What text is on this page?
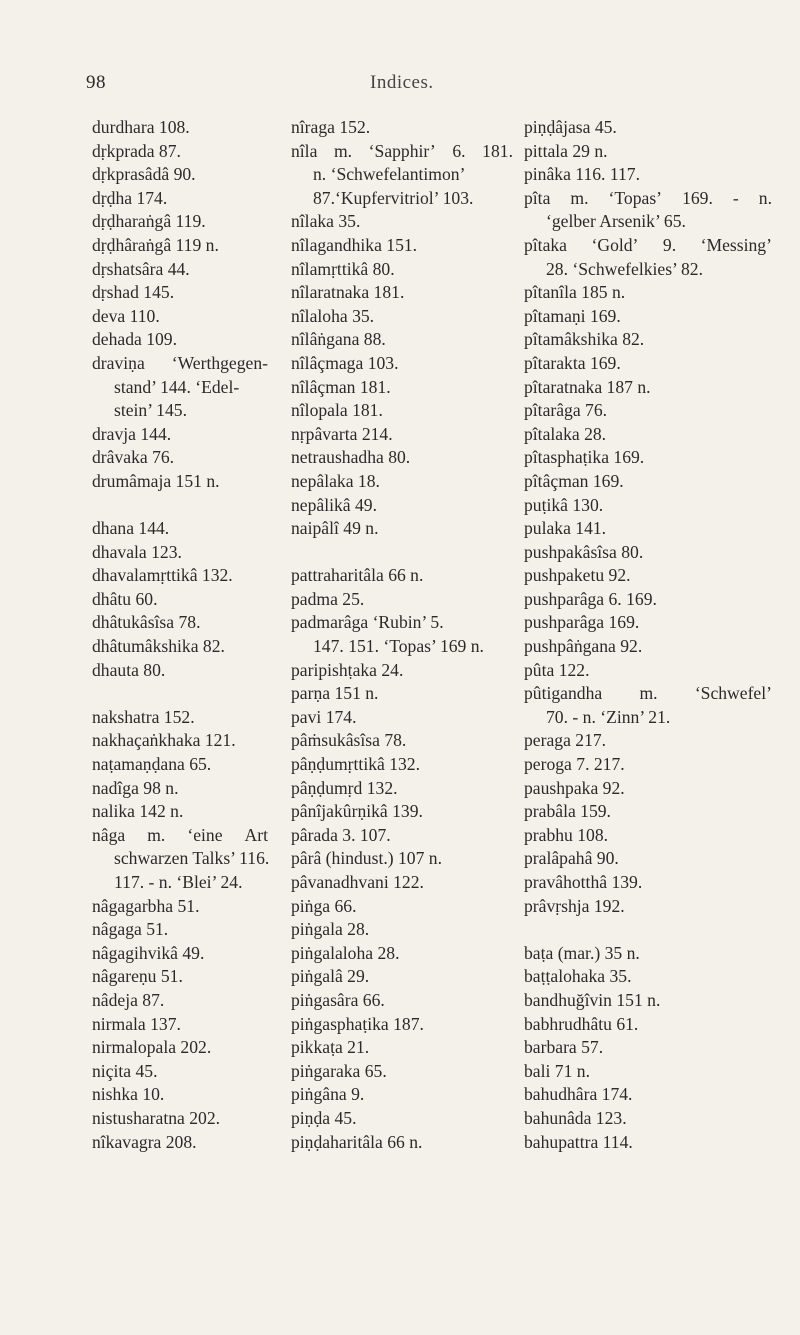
98	Indices.
durdhara 108.
dṛkprada 87.
dṛkprasâdâ 90.
dṛḍha 174.
dṛḍharaṅgâ 119.
dṛḍhâraṅgâ 119 n.
dṛshatsâra 44.
dṛshad 145.
deva 110.
dehada 109.
draviṇa ‘Werthgegen-
stand’ 144. ‘Edel-
stein’ 145.
dravja 144.
drâvaka 76.
drumâmaja 151 n.
dhana 144.
dhavala 123.
dhavalamṛttikâ 132.
dhâtu 60.
dhâtukâsîsa 78.
dhâtumâkshika 82.
dhauta 80.
nakshatra 152.
nakhaçaṅkhaka 121.
naṭamaṇḍana 65.
nadîga 98 n.
nalika 142 n.
nâga m. ‘eine Art
schwarzen Talks’ 116.
117. - n. ‘Blei’ 24.
nâgagarbha 51.
nâgaga 51.
nâgagihvikâ 49.
nâgareṇu 51.
nâdeja 87.
nirmala 137.
nirmalopala 202.
niçita 45.
nishka 10.
nistusharatna 202.
nîkavagra 208.
nîraga 152.
nîla m. ‘Sapphir’ 6. 181.
n. ‘Schwefelantimon’
87.‘Kupfervitriol’ 103.
nîlaka 35.
nîlagandhika 151.
nîlamṛttikâ 80.
nîlaratnaka 181.
nîlaloha 35.
nîlâṅgana 88.
nîlâçmaga 103.
nîlâçman 181.
nîlopala 181.
nṛpâvarta 214.
netraushadha 80.
nepâlaka 18.
nepâlikâ 49.
naipâlî 49 n.
pattraharitâla 66 n.
padma 25.
padmarâga ‘Rubin’ 5.
147. 151. ‘Topas’ 169 n.
paripishṭaka 24.
parṇa 151 n.
pavi 174.
pâṁsukâsîsa 78.
pâṇḍumṛttikâ 132.
pâṇḍumṛd 132.
pânîjakûrṇikâ 139.
pârada 3. 107.
pârâ (hindust.) 107 n.
pâvanadhvani 122.
piṅga 66.
piṅgala 28.
piṅgalaloha 28.
piṅgalâ 29.
piṅgasâra 66.
piṅgasphaṭika 187.
pikkaṭa 21.
piṅgaraka 65.
piṅgâna 9.
piṇḍa 45.
piṇḍaharitâla 66 n.
piṇḍâjasa 45.
pittala 29 n.
pinâka 116. 117.
pîta m. ‘Topas’ 169. - n.
‘gelber Arsenik’ 65.
pîtaka ‘Gold’ 9. ‘Messing’
28. ‘Schwefelkies’ 82.
pîtanîla 185 n.
pîtamaṇi 169.
pîtamâkshika 82.
pîtarakta 169.
pîtaratnaka 187 n.
pîtarâga 76.
pîtalaka 28.
pîtasphaṭika 169.
pîtâçman 169.
puṭikâ 130.
pulaka 141.
pushpakâsîsa 80.
pushpaketu 92.
pushparâga 6. 169.
pushparâga 169.
pushpâṅgana 92.
pûta 122.
pûtigandha m. ‘Schwefel’
70. - n. ‘Zinn’ 21.
peraga 217.
peroga 7. 217.
paushpaka 92.
prabâla 159.
prabhu 108.
pralâpahâ 90.
pravâhotthâ 139.
prâvṛshja 192.
baṭa (mar.) 35 n.
baṭṭalohaka 35.
bandhuğîvin 151 n.
babhrudhâtu 61.
barbara 57.
bali 71 n.
bahudhâra 174.
bahunâda 123.
bahupattra 114.
